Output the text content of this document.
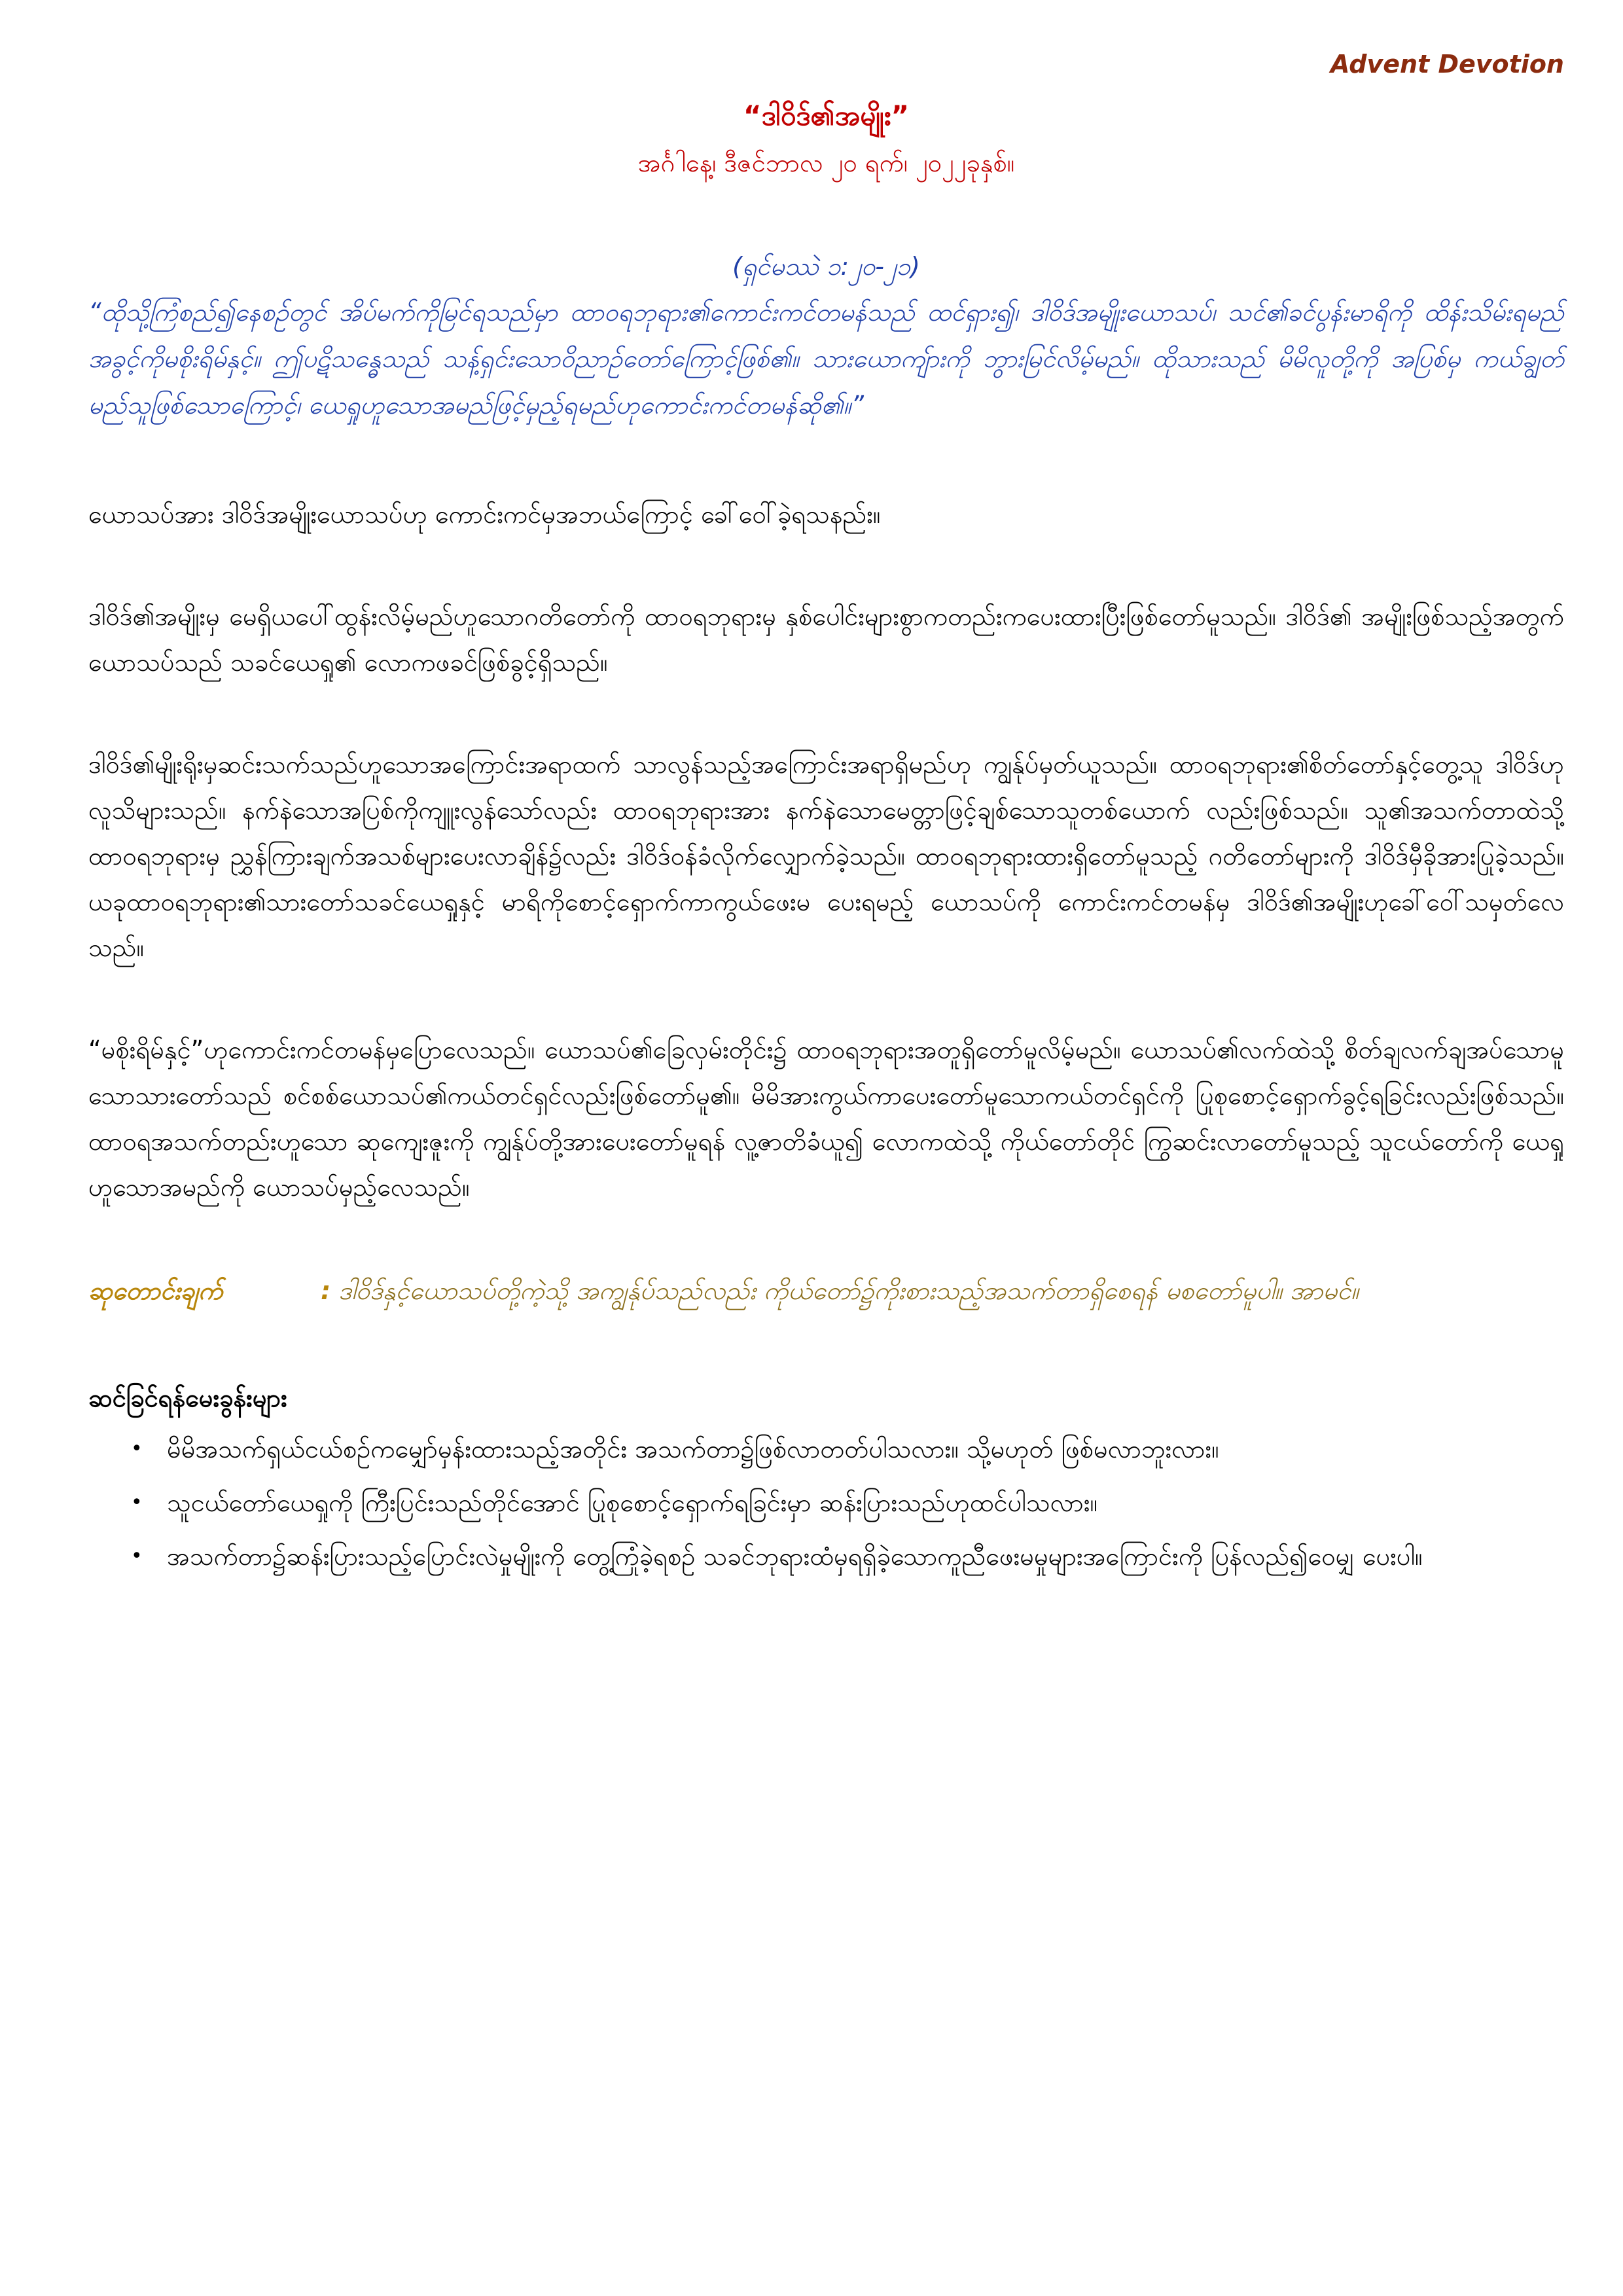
Advent Devotion
“ဒါဝိဒ်၏အမျိုး”
အင်္ဂါနေ့၊ ဒီဇင်ဘာလ ၂၀ ရက်၊ ၂၀၂၂ခုနှစ်။
(ရှင်မဿဲ ၁:၂၀-၂၁)
“ထိုသို့ကြံစည်၍နေစဉ်တွင် အိပ်မက်ကိုမြင်ရသည်မှာ ထာဝရဘုရား၏ကောင်းကင်တမန်သည် ထင်ရှား၍၊ ဒါဝိဒ်အမျိုးယောသပ်၊ သင်၏ခင်ပွန်းမာရိကို ထိန်းသိမ်းရမည်အခွင့်ကိုမစိုးရိမ်နှင့်။ ဤပဋိသန္ဓေသည် သန့်ရှင်းသောဝိညာဉ်တော်ကြောင့်ဖြစ်၏။ သားယောကျ်ားကို ဘွားမြင်လိမ့်မည်။ ထိုသားသည် မိမိလူတို့ကို အပြစ်မှ ကယ်ချွတ်မည်သူဖြစ်သောကြောင့်၊ ယေရှုဟူသောအမည်ဖြင့်မှည့်ရမည်ဟုကောင်းကင်တမန်ဆို၏။”

ယောသပ်အား ဒါဝိဒ်အမျိုးယောသပ်ဟု ကောင်းကင်မှအဘယ်ကြောင့် ခေါ်ဝေါ်ခဲ့ရသနည်း။

ဒါဝိဒ်၏အမျိုးမှ မေရှိယပေါ်ထွန်းလိမ့်မည်ဟူသောဂတိတော်ကို ထာဝရဘုရားမှ နှစ်ပေါင်းများစွာကတည်းကပေးထားပြီးဖြစ်တော်မူသည်။ ဒါဝိဒ်၏ အမျိုးဖြစ်သည့်အတွက် ယောသပ်သည် သခင်ယေရှု၏ လောကဖခင်ဖြစ်ခွင့်ရှိသည်။

ဒါဝိဒ်၏မျိုးရိုးမှဆင်းသက်သည်ဟူသောအကြောင်းအရာထက် သာလွန်သည့်အကြောင်းအရာရှိမည်ဟု ကျွန်ုပ်မှတ်ယူသည်။ ထာဝရဘုရား၏စိတ်တော်နှင့်တွေ့သူ ဒါဝိဒ်ဟု လူသိများသည်။ နက်နဲသောအပြစ်ကိုကျူးလွန်သော်လည်း ထာဝရဘုရားအား နက်နဲသောမေတ္တာဖြင့်ချစ်သောသူတစ်ယောက် လည်းဖြစ်သည်။ သူ၏အသက်တာထဲသို့ ထာဝရဘုရားမှ ညွှန်ကြားချက်အသစ်များပေးလာချိန်၌လည်း ဒါဝိဒ်ဝန်ခံလိုက်လျှောက်ခဲ့သည်။ ထာဝရဘုရားထားရှိတော်မူသည့် ဂတိတော်များကို ဒါဝိဒ်မှီခိုအားပြုခဲ့သည်။ ယခုထာဝရဘုရား၏သားတော်သခင်ယေရှုနှင့် မာရိကိုစောင့်ရှောက်ကာကွယ်ဖေးမ ပေးရမည့် ယောသပ်ကို ကောင်းကင်တမန်မှ ဒါဝိဒ်၏အမျိုးဟုခေါ်ဝေါ်သမှတ်လေသည်။

“မစိုးရိမ်နှင့်”ဟုကောင်းကင်တမန်မှပြောလေသည်။ ယောသပ်၏ခြေလှမ်းတိုင်း၌ ထာဝရဘုရားအတူရှိတော်မူလိမ့်မည်။ ယောသပ်၏လက်ထဲသို့ စိတ်ချလက်ချအပ်သောမူသောသားတော်သည် စင်စစ်ယောသပ်၏ကယ်တင်ရှင်လည်းဖြစ်တော်မူ၏။ မိမိအားကွယ်ကာပေးတော်မူသောကယ်တင်ရှင်ကို ပြုစုစောင့်ရှောက်ခွင့်ရခြင်းလည်းဖြစ်သည်။ ထာဝရအသက်တည်းဟူသော ဆုကျေးဇူးကို ကျွန်ုပ်တို့အားပေးတော်မူရန် လူ့ဇာတိခံယူ၍ လောကထဲသို့ ကိုယ်တော်တိုင် ကြွဆင်းလာတော်မူသည့် သူငယ်တော်ကို ယေရှုဟူသောအမည်ကို ယောသပ်မှည့်လေသည်။

ဆုတောင်းချက်	: ဒါဝိဒ်နှင့်ယောသပ်တို့ကဲ့သို့ အကျွန်ုပ်သည်လည်း ကိုယ်တော်၌ကိုးစားသည့်အသက်တာရှိစေရန် မစတော်မူပါ။ အာမင်။
ဆင်ခြင်ရန်မေးခွန်းများ
• မိမိအသက်ရှယ်ငယ်စဉ်ကမျှော်မှန်းထားသည့်အတိုင်း အသက်တာ၌ဖြစ်လာတတ်ပါသလား။ သို့မဟုတ် ဖြစ်မလာဘူးလား။
• သူငယ်တော်ယေရှုကို ကြီးပြင်းသည်တိုင်အောင် ပြုစုစောင့်ရှောက်ရခြင်းမှာ ဆန်းပြားသည်ဟုထင်ပါသလား။
• အသက်တာ၌ဆန်းပြားသည့်ပြောင်းလဲမှုမျိုးကို တွေ့ကြုံခဲ့ရစဉ် သခင်ဘုရားထံမှရရှိခဲ့သောကူညီဖေးမမှုများအကြောင်းကို ပြန်လည်၍ဝေမျှ ပေးပါ။
